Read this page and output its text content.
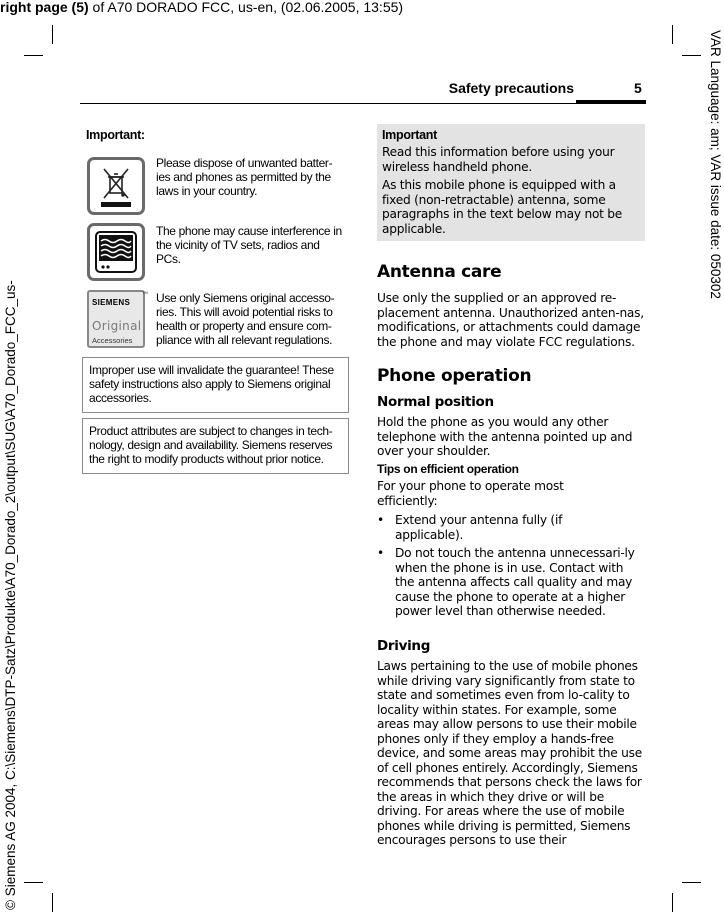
right page (5) of A70 DORADO FCC, us-en, (02.06.2005, 13:55)
VAR Language: am; VAR issue date: 050302
© Siemens AG 2004, C:\Siemens\DTP-Satz\Produkte\A70_Dorado_2\output\SUG\A70_Dorado_FCC_us-
Safety precautions	5
Important:
Please dispose of unwanted batter-ies and phones as permitted by the laws in your country.
The phone may cause interference in the vicinity of TV sets, radios and PCs.
SIEMENS
Original
Accessories
TM Use only Siemens original accesso-ries. This will avoid potential risks to health or property and ensure com-pliance with all relevant regulations.
Improper use will invalidate the guarantee! These safety instructions also apply to Siemens original accessories.
Product attributes are subject to changes in tech-nology, design and availability. Siemens reserves the right to modify products without prior notice.
Important
Read this information before using your wireless handheld phone.
As this mobile phone is equipped with a fixed (non-retractable) antenna, some paragraphs in the text below may not be applicable.
Antenna care
Use only the supplied or an approved re-placement antenna. Unauthorized anten-nas, modifications, or attachments could damage the phone and may violate FCC regulations.
Phone operation
Normal position
Hold the phone as you would any other telephone with the antenna pointed up and over your shoulder.
Tips on efficient operation
For your phone to operate most efficiently:
• Extend your antenna fully (if applicable).
• Do not touch the antenna unnecessari-ly when the phone is in use. Contact with the antenna affects call quality and may cause the phone to operate at a higher power level than otherwise needed.
Driving
Laws pertaining to the use of mobile phones while driving vary significantly from state to state and sometimes even from lo-cality to locality within states. For example, some areas may allow persons to use their mobile phones only if they employ a hands-free device, and some areas may prohibit the use of cell phones entirely. Accordingly, Siemens recommends that persons check the laws for the areas in which they drive or will be driving. For areas where the use of mobile phones while driving is permitted, Siemens encourages persons to use their
